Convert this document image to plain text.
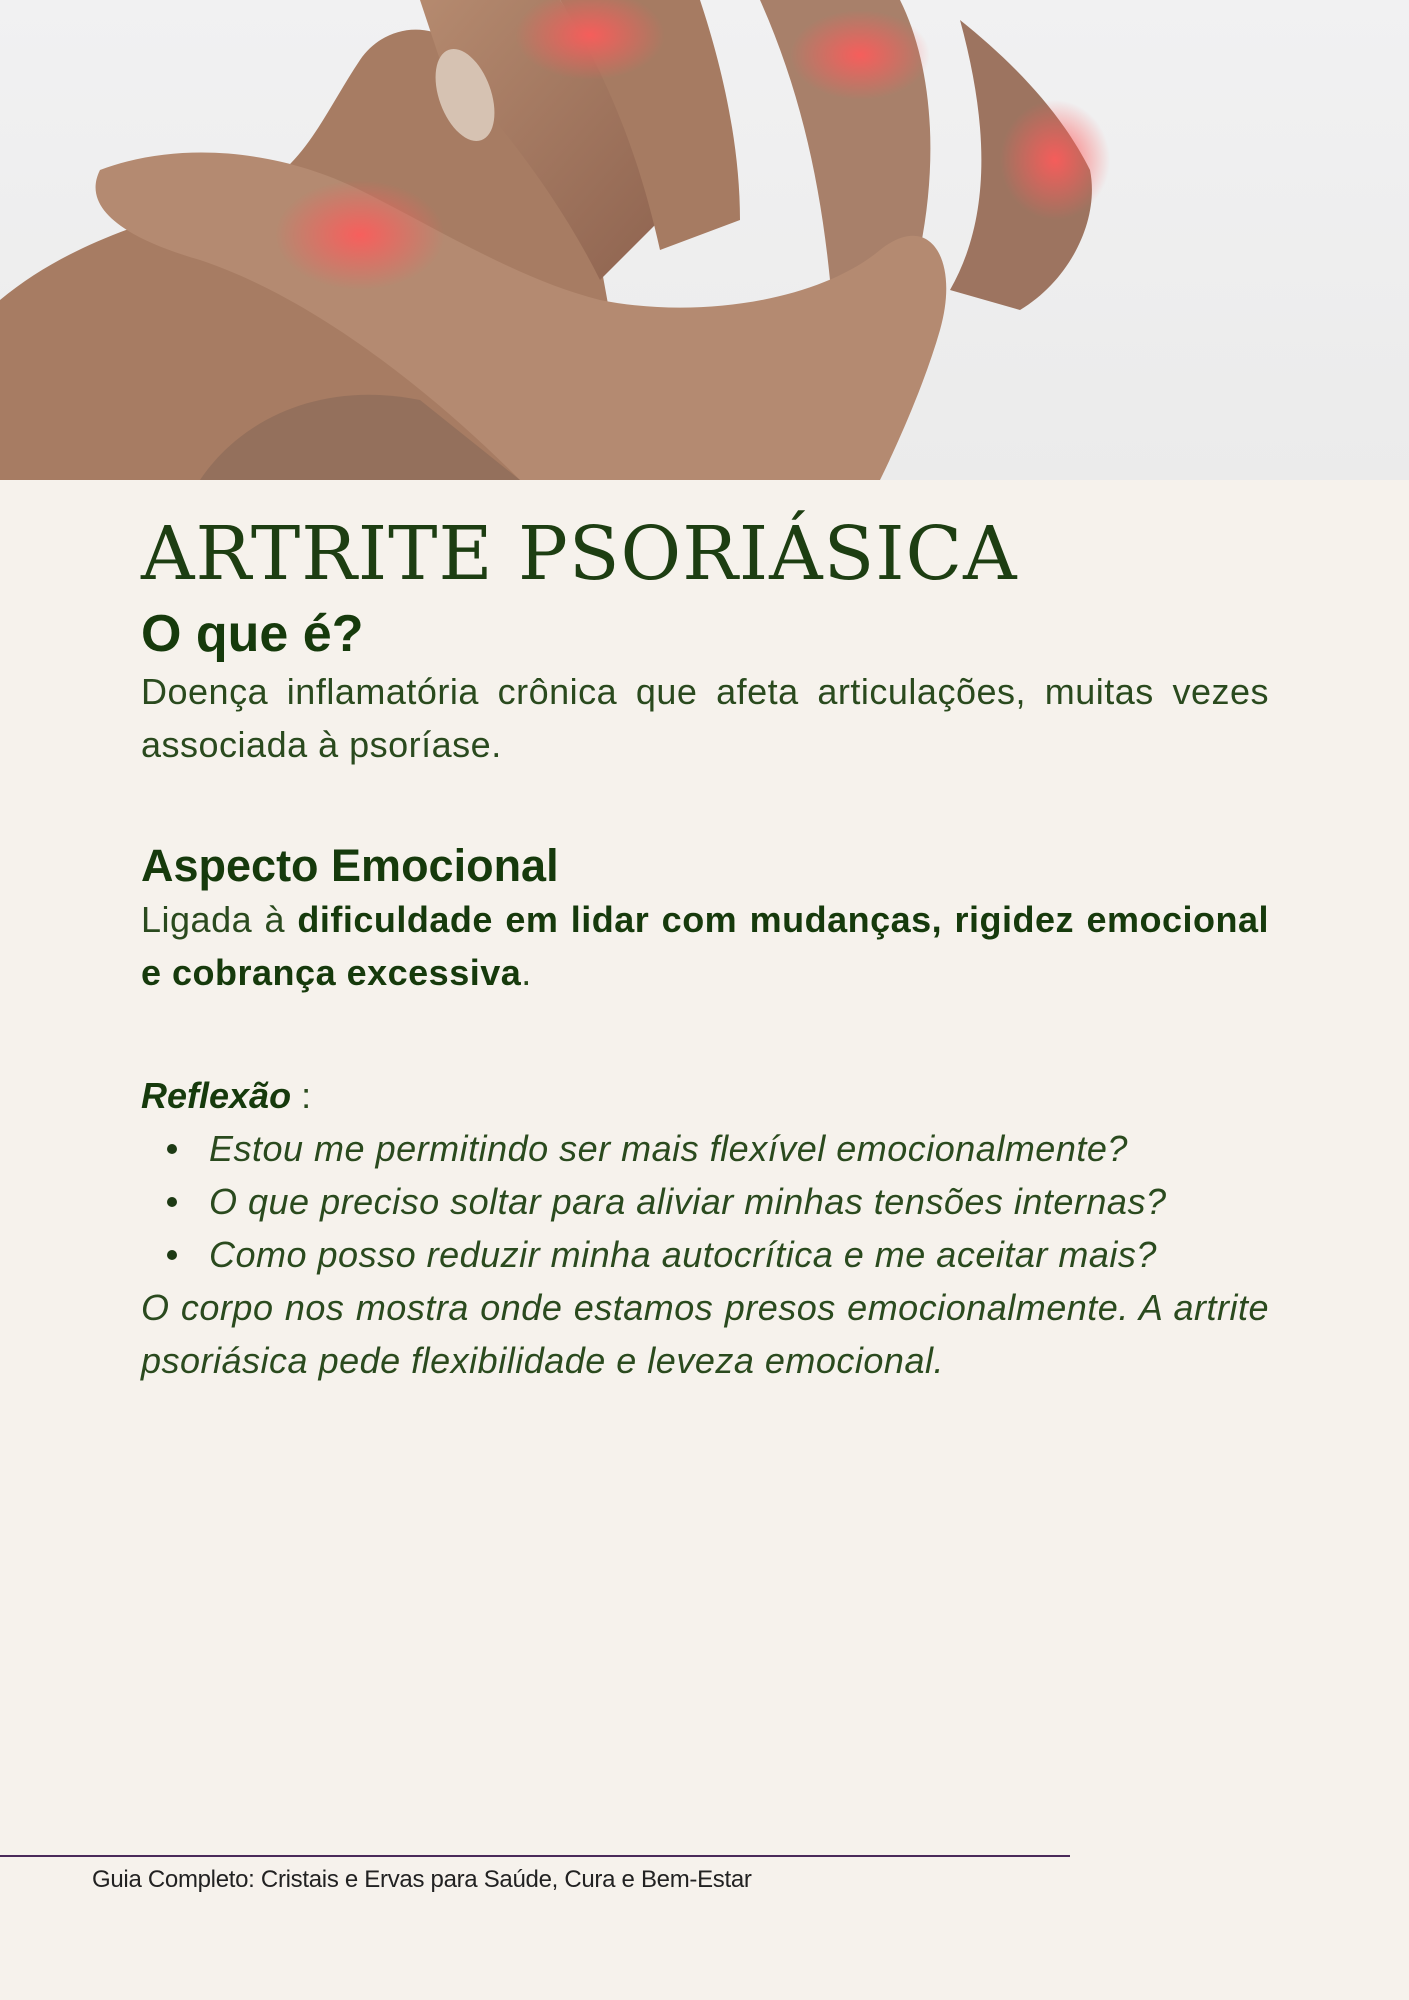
ARTRITE PSORIÁSICA
O que é?

Doença inflamatória crônica que afeta articulações, muitas vezes associada à psoríase.

Aspecto Emocional

Ligada à dificuldade em lidar com mudanças, rigidez emocional e cobrança excessiva.

Reflexão :
Estou me permitindo ser mais flexível emocionalmente?
O que preciso soltar para aliviar minhas tensões internas?
Como posso reduzir minha autocrítica e me aceitar mais?

O corpo nos mostra onde estamos presos emocionalmente. A artrite psoriásica pede flexibilidade e leveza emocional.

Guia Completo: Cristais e Ervas para Saúde, Cura e Bem-Estar
